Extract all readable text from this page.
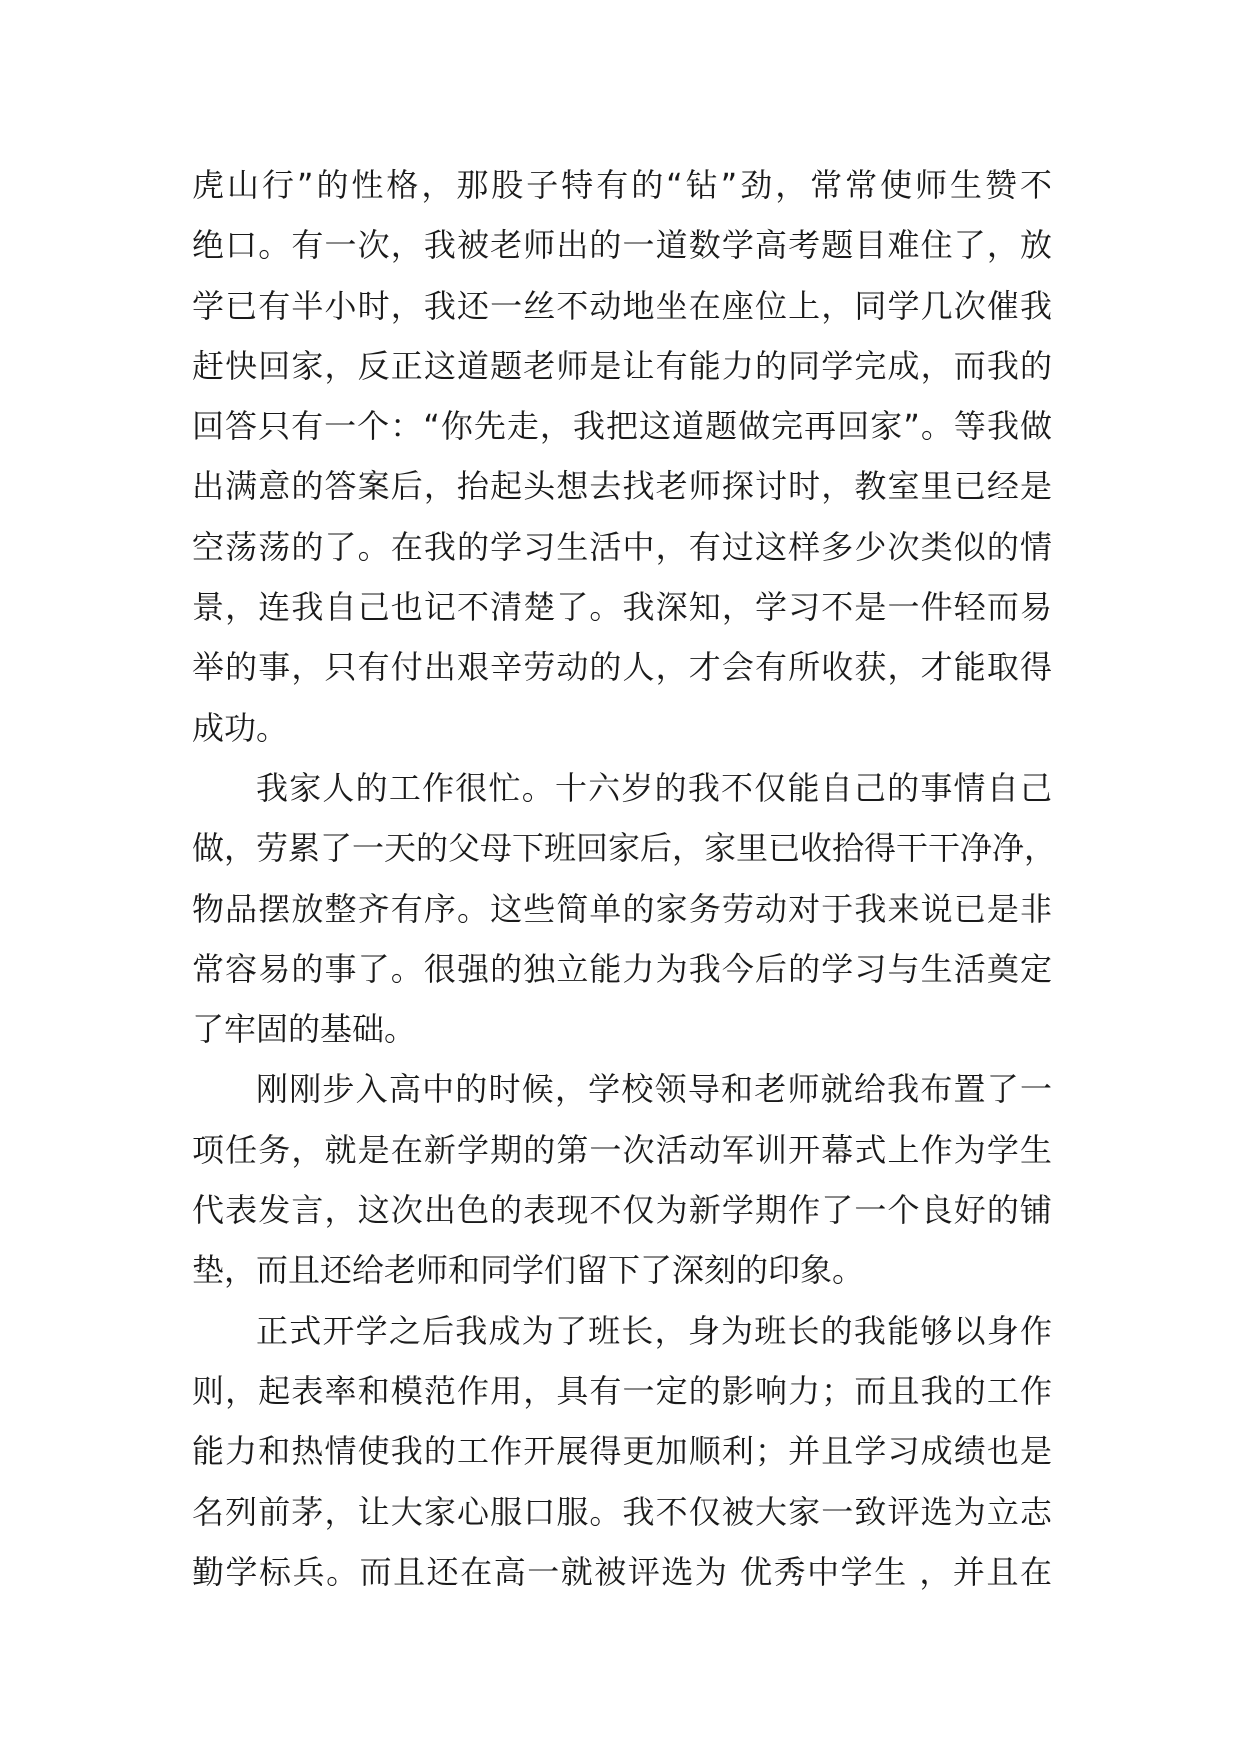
虎山行”的性格，那股子特有的“钻”劲，常常使师生赞不
绝口。有一次，我被老师出的一道数学高考题目难住了，放
学已有半小时，我还一丝不动地坐在座位上，同学几次催我
赶快回家，反正这道题老师是让有能力的同学完成，而我的
回答只有一个：“你先走，我把这道题做完再回家”。等我做
出满意的答案后，抬起头想去找老师探讨时，教室里已经是
空荡荡的了。在我的学习生活中，有过这样多少次类似的情
景，连我自己也记不清楚了。我深知，学习不是一件轻而易
举的事，只有付出艰辛劳动的人，才会有所收获，才能取得
成功。
我家人的工作很忙。十六岁的我不仅能自己的事情自己
做，劳累了一天的父母下班回家后，家里已收拾得干干净净，
物品摆放整齐有序。这些简单的家务劳动对于我来说已是非
常容易的事了。很强的独立能力为我今后的学习与生活奠定
了牢固的基础。
刚刚步入高中的时候，学校领导和老师就给我布置了一
项任务，就是在新学期的第一次活动军训开幕式上作为学生
代表发言，这次出色的表现不仅为新学期作了一个良好的铺
垫，而且还给老师和同学们留下了深刻的印象。
正式开学之后我成为了班长，身为班长的我能够以身作
则，起表率和模范作用，具有一定的影响力；而且我的工作
能力和热情使我的工作开展得更加顺利；并且学习成绩也是
名列前茅，让大家心服口服。我不仅被大家一致评选为立志
勤学标兵。而且还在高一就被评选为 优秀中学生 ，并且在
